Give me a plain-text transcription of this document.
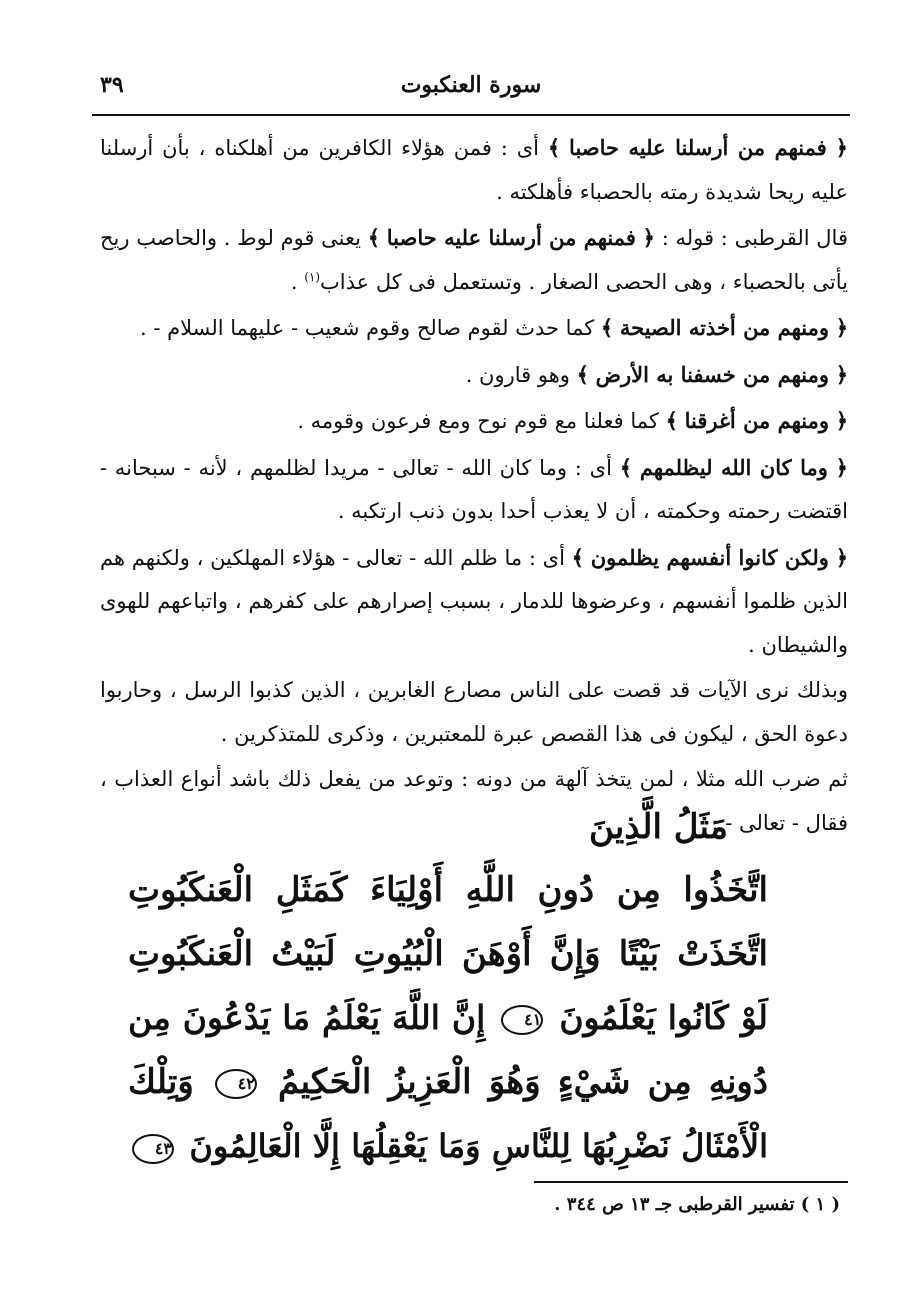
٣٩	سورة العنكبوت

﴿ فمنهم من أرسلنا عليه حاصبا ﴾ أى : فمن هؤلاء الكافرين من أهلكناه ، بأن أرسلنا عليه ريحا شديدة رمته بالحصباء فأهلكته .

قال القرطبى : قوله : ﴿ فمنهم من أرسلنا عليه حاصبا ﴾ يعنى قوم لوط . والحاصب ريح يأتى بالحصباء ، وهى الحصى الصغار . وتستعمل فى كل عذاب$^{(١)}$ .

﴿ ومنهم من أخذته الصيحة ﴾ كما حدث لقوم صالح وقوم شعيب - عليهما السلام - .

﴿ ومنهم من خسفنا به الأرض ﴾ وهو قارون .

﴿ ومنهم من أغرقنا ﴾ كما فعلنا مع قوم نوح ومع فرعون وقومه .

﴿ وما كان الله ليظلمهم ﴾ أى : وما كان الله - تعالى - مريدا لظلمهم ، لأنه - سبحانه - اقتضت رحمته وحكمته ، أن لا يعذب أحدا بدون ذنب ارتكبه .

﴿ ولكن كانوا أنفسهم يظلمون ﴾ أى : ما ظلم الله - تعالى - هؤلاء المهلكين ، ولكنهم هم الذين ظلموا أنفسهم ، وعرضوها للدمار ، بسبب إصرارهم على كفرهم ، واتباعهم للهوى والشيطان .

وبذلك نرى الآيات قد قصت على الناس مصارع الغابرين ، الذين كذبوا الرسل ، وحاربوا دعوة الحق ، ليكون فى هذا القصص عبرة للمعتبرين ، وذكرى للمتذكرين .

ثم ضرب الله مثلا ، لمن يتخذ آلهة من دونه : وتوعد من يفعل ذلك باشد أنواع العذاب ، فقال - تعالى - :

مَثَلُ الَّذِينَ
اتَّخَذُوا مِن دُونِ اللَّهِ أَوْلِيَاءَ كَمَثَلِ الْعَنكَبُوتِ
اتَّخَذَتْ بَيْتًا وَإِنَّ أَوْهَنَ الْبُيُوتِ لَبَيْتُ الْعَنكَبُوتِ
لَوْ كَانُوا يَعْلَمُونَ ٤١ إِنَّ اللَّهَ يَعْلَمُ مَا يَدْعُونَ مِن
دُونِهِ مِن شَيْءٍ وَهُوَ الْعَزِيزُ الْحَكِيمُ ٤٢ وَتِلْكَ
الْأَمْثَالُ نَضْرِبُهَا لِلنَّاسِ وَمَا يَعْقِلُهَا إِلَّا الْعَالِمُونَ ٤٣
( ١ ) تفسير القرطبى جـ ١٣ ص ٣٤٤ .
